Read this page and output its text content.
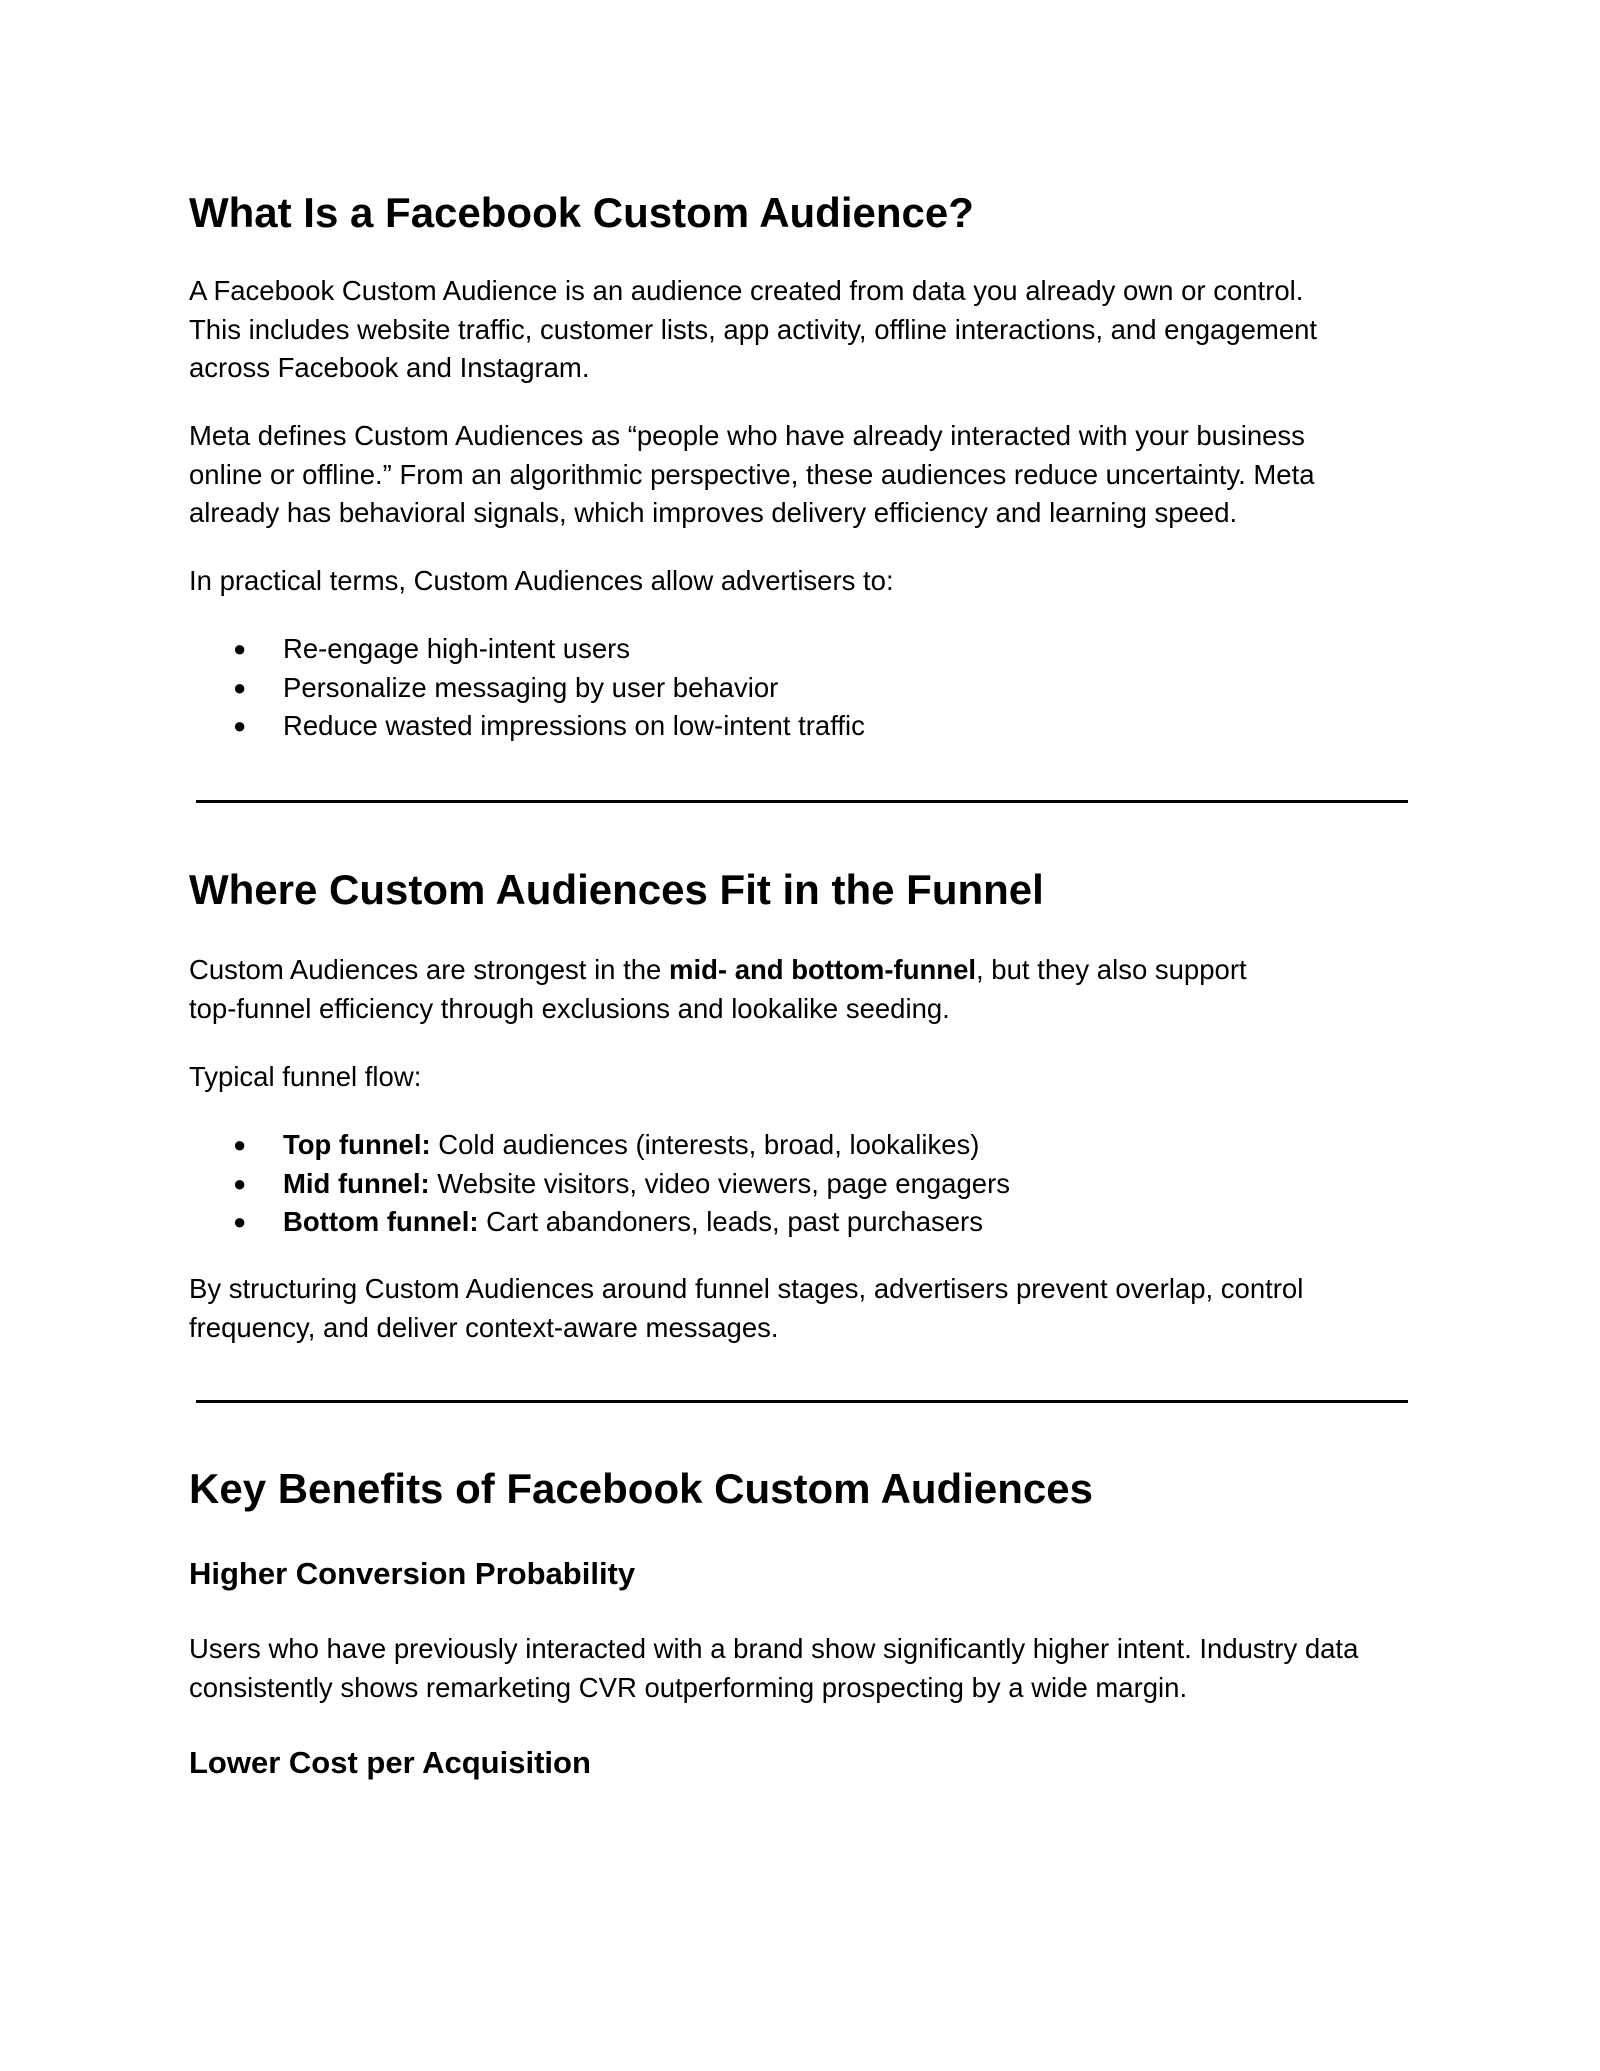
What Is a Facebook Custom Audience?

A Facebook Custom Audience is an audience created from data you already own or control.
This includes website traffic, customer lists, app activity, offline interactions, and engagement
across Facebook and Instagram.

Meta defines Custom Audiences as “people who have already interacted with your business
online or offline.” From an algorithmic perspective, these audiences reduce uncertainty. Meta
already has behavioral signals, which improves delivery efficiency and learning speed.

In practical terms, Custom Audiences allow advertisers to:

● Re-engage high-intent users
● Personalize messaging by user behavior
● Reduce wasted impressions on low-intent traffic
Where Custom Audiences Fit in the Funnel

Custom Audiences are strongest in the mid- and bottom-funnel, but they also support
top-funnel efficiency through exclusions and lookalike seeding.

Typical funnel flow:

● Top funnel: Cold audiences (interests, broad, lookalikes)
● Mid funnel: Website visitors, video viewers, page engagers
● Bottom funnel: Cart abandoners, leads, past purchasers

By structuring Custom Audiences around funnel stages, advertisers prevent overlap, control
frequency, and deliver context-aware messages.

Key Benefits of Facebook Custom Audiences
Higher Conversion Probability

Users who have previously interacted with a brand show significantly higher intent. Industry data
consistently shows remarketing CVR outperforming prospecting by a wide margin.

Lower Cost per Acquisition
